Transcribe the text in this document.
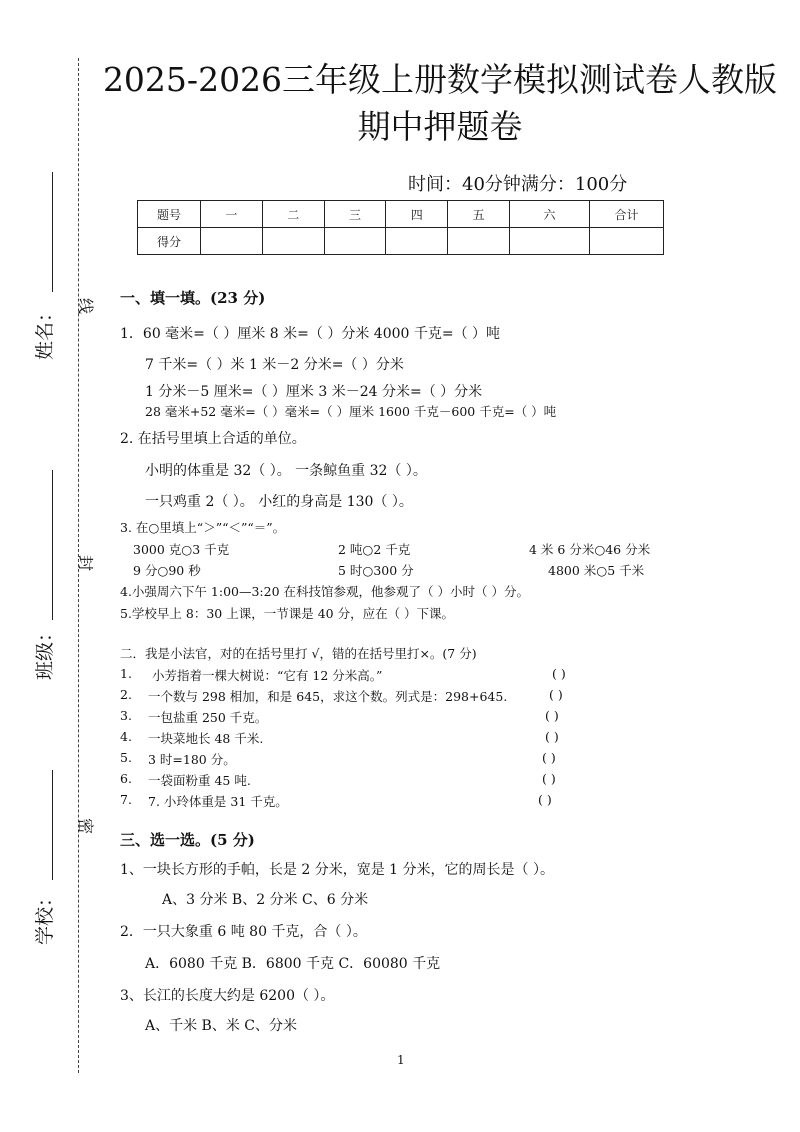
姓名：
班级：
学校：
线
封
密
2025-2026三年级上册数学模拟测试卷人教版
期中押题卷
时间：40分钟满分：100分
题号	一	二	三	四	五	六	合计
得分							
一、填一填。(23 分)
1．60 毫米=（ ）厘米 8 米=（ ）分米 4000 千克=（ ）吨
7 千米=（ ）米 1 米－2 分米=（ ）分米
1 分米－5 厘米=（ ）厘米 3 米－24 分米=（ ）分米
28 毫米+52 毫米=（ ）毫米=（ ）厘米 1600 千克－600 千克=（ ）吨
2. 在括号里填上合适的单位。
小明的体重是 32（ ）。 一条鲸鱼重 32（ ）。
一只鸡重 2（ ）。 小红的身高是 130（ ）。
3. 在○里填上“＞”“＜”“＝”。
3000 克○3 千克	2 吨○2 千克	4 米 6 分米○46 分米
9 分○90 秒	5 时○300 分	4800 米○5 千米
4.小强周六下午 1:00—3:20 在科技馆参观，他参观了（ ）小时（ ）分。
5.学校早上 8：30 上课，一节课是 40 分，应在（ ）下课。
二．我是小法官，对的在括号里打 √，错的在括号里打×。(7 分)
1. 小芳指着一棵大树说：“它有 12 分米高。”	( )
2. 一个数与 298 相加，和是 645，求这个数。列式是：298+645.	( )
3. 一包盐重 250 千克。	( )
4. 一块菜地长 48 千米.	( )
5. 3 时=180 分。	( )
6. 一袋面粉重 45 吨.	( )
7. 7. 小玲体重是 31 千克。	( )
三、选一选。(5 分)
1、一块长方形的手帕，长是 2 分米，宽是 1 分米，它的周长是（ ）。
A、3 分米 B、2 分米 C、6 分米
2．一只大象重 6 吨 80 千克，合（ ）。
A．6080 千克 B．6800 千克 C．60080 千克
3、长江的长度大约是 6200（ ）。
A、千米 B、米 C、分米
1
